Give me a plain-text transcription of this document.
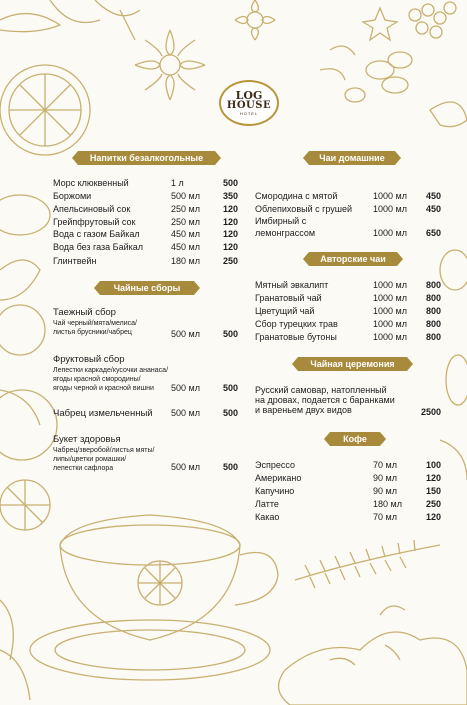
LOG
HOUSE
HOTEL
Напитки безалкогольные
Морс клюквенный	1 л	500
Боржоми	500 мл	350
Апельсиновый сок	250 мл	120
Грейпфрутовый сок	250 мл	120
Вода с газом Байкал	450 мл	120
Вода без газа Байкал	450 мл	120
Глинтвейн	180 мл	250
Чайные сборы
Таежный сбор
Чай черный/мята/мелиса/
листья брусники/чабрец	500 мл	500
Фруктовый сбор
Лепестки каркаде/кусочки ананаса/
ягоды красной смородины/
ягоды черной и красной вишни 500 мл	500
Чабрец измельченный 500 мл	500
Букет здоровья
Чабрец/зверобой/листья мяты/
липы/цветки ромашки/
лепестки сафлора	500 мл	500
Чаи домашние
Смородина с мятой	1000 мл 450
Облепиховый с грушей 1000 мл 450
Имбирный с
лемонграссом	1000 мл 650
Авторские чаи
Мятный эвкалипт	1000 мл 800
Гранатовый чай	1000 мл 800
Цветущий чай	1000 мл 800
Сбор турецких трав	1000 мл 800
Гранатовые бутоны	1000 мл 800
Чайная церемония
Русский самовар, натопленный
на дровах, подается с баранками
и вареньем двух видов	2500
Кофе
Эспрессо	70 мл	100
Американо	90 мл	120
Капучино	90 мл	150
Латте	180 мл	250
Какао	70 мл	120
